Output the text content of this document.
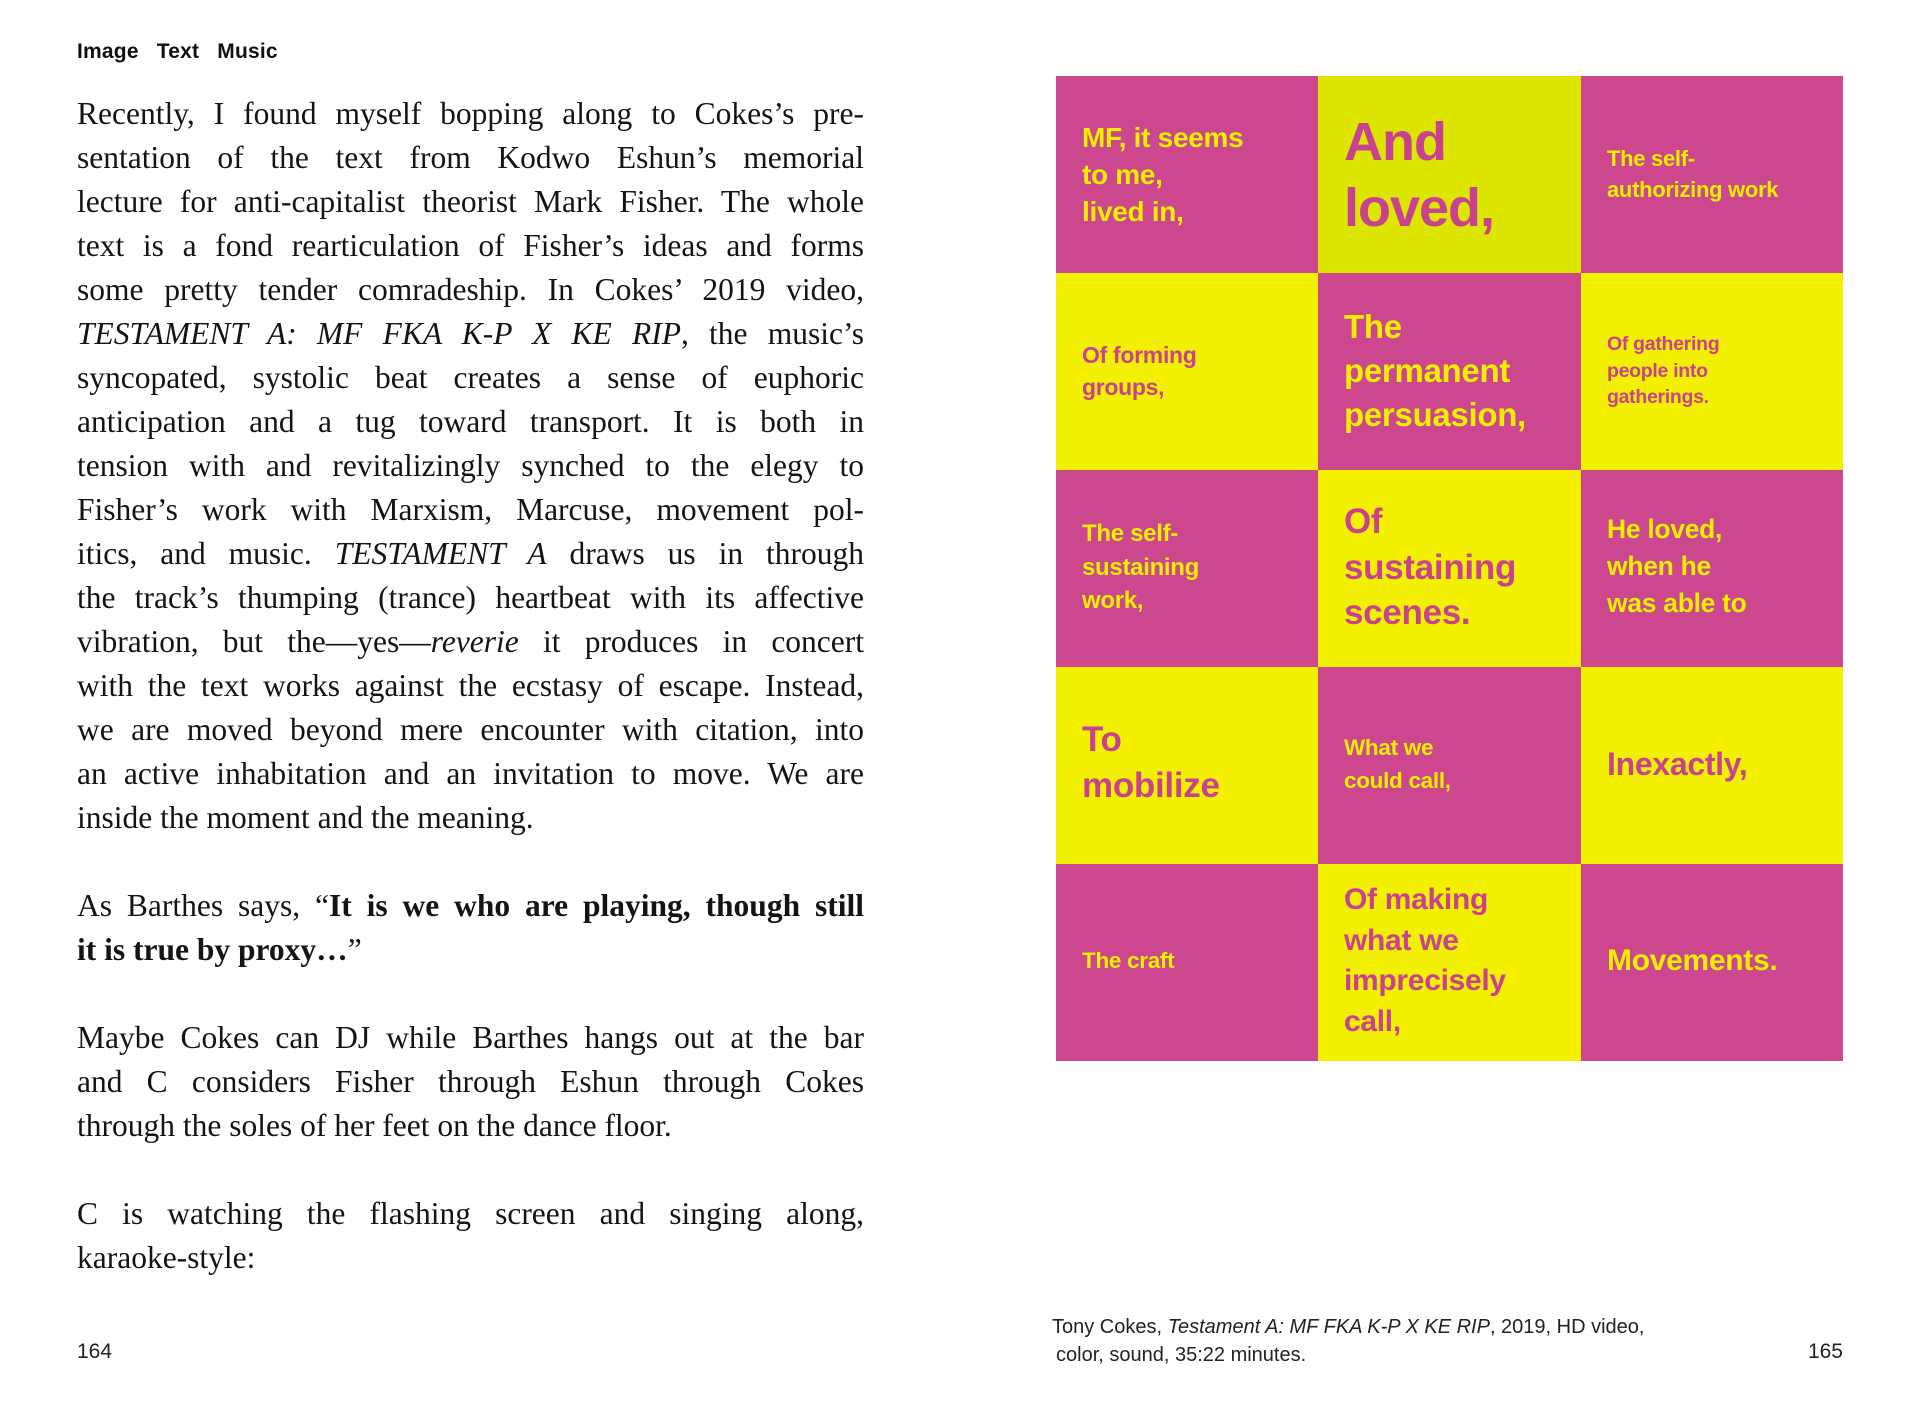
Image  Text  Music

Recently, I found myself bopping along to Cokes’s pre-
sentation of the text from Kodwo Eshun’s memorial
lecture for anti-capitalist theorist Mark Fisher. The whole
text is a fond rearticulation of Fisher’s ideas and forms
some pretty tender comradeship. In Cokes’ 2019 video,
TESTAMENT A: MF FKA K-P X KE RIP, the music’s
syncopated, systolic beat creates a sense of euphoric
anticipation and a tug toward transport. It is both in
tension with and revitalizingly synched to the elegy to
Fisher’s work with Marxism, Marcuse, movement pol-
itics, and music. TESTAMENT A draws us in through
the track’s thumping (trance) heartbeat with its affective
vibration, but the—yes—reverie it produces in concert
with the text works against the ecstasy of escape. Instead,
we are moved beyond mere encounter with citation, into
an active inhabitation and an invitation to move. We are
inside the moment and the meaning.

As Barthes says, “It is we who are playing, though still
it is true by proxy…”

Maybe Cokes can DJ while Barthes hangs out at the bar
and C considers Fisher through Eshun through Cokes
through the soles of her feet on the dance floor.

C is watching the flashing screen and singing along,
karaoke-style:

164
MF, it seems
to me,
lived in,
And
loved,
The self-
authorizing work
Of forming
groups,
The
permanent
persuasion,
Of gathering
people into
gatherings.
The self-
sustaining
work,
Of
sustaining
scenes.
He loved,
when he
was able to
To
mobilize
What we
could call,	Inexactly,
The craft
Of making
what we
imprecisely
call,
Movements.
Tony Cokes, Testament A: MF FKA K-P X KE RIP, 2019, HD video,
color, sound, 35:22 minutes.	165
